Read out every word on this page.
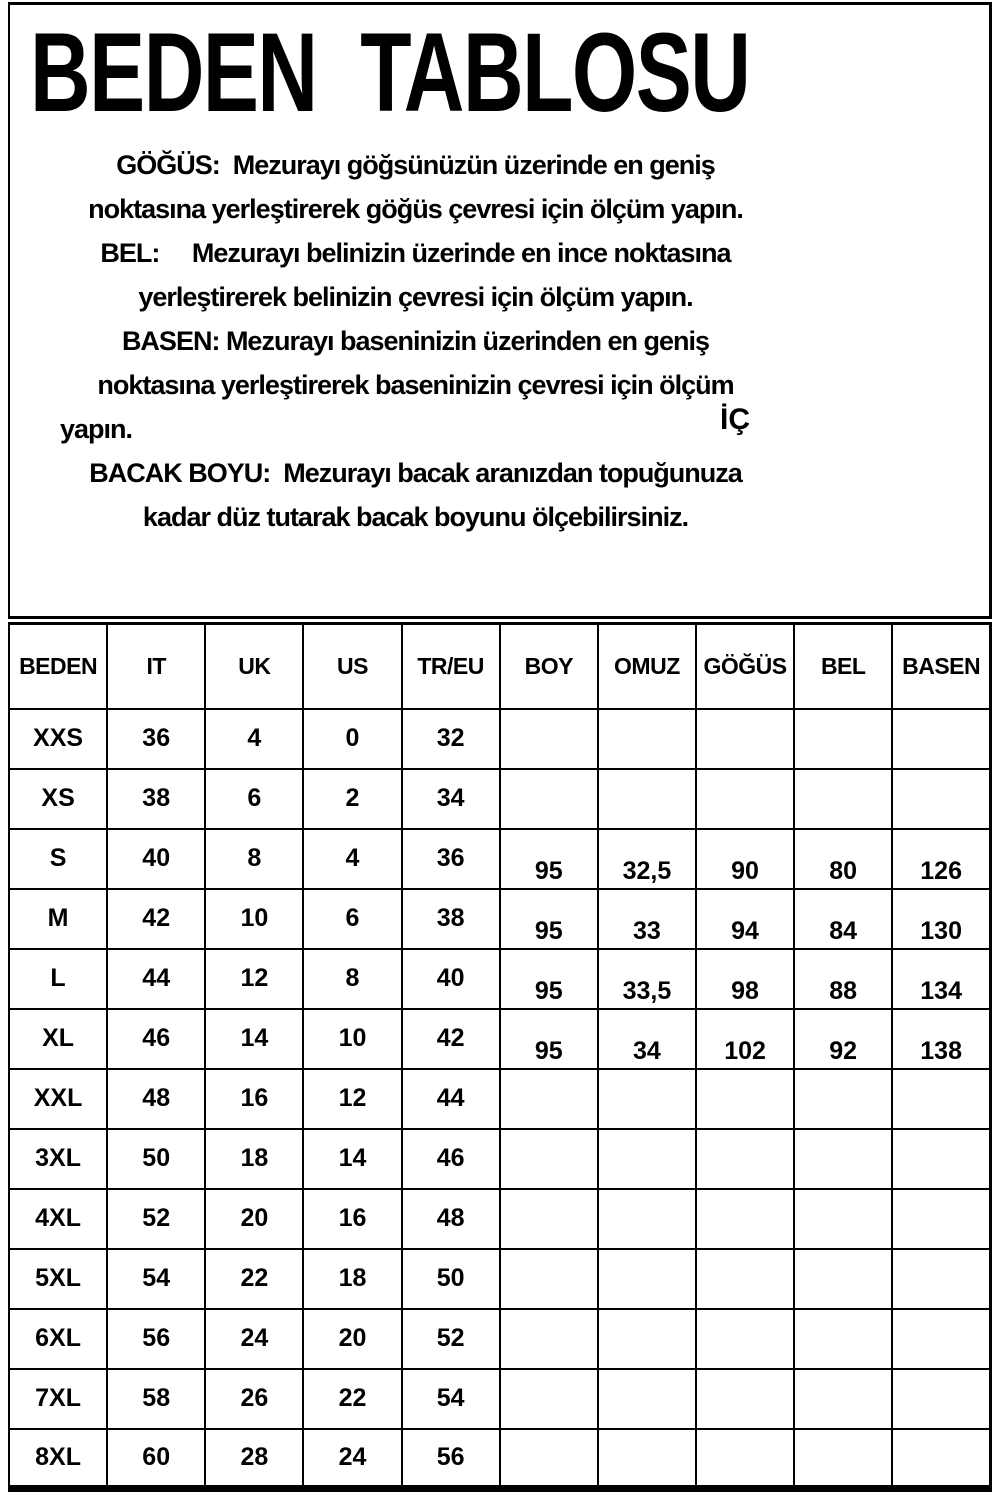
BEDEN  TABLOSU
GÖĞÜS:  Mezurayı göğsünüzün üzerinde en geniş
noktasına yerleştirerek göğüs çevresi için ölçüm yapın.
BEL:     Mezurayı belinizin üzerinde en ince noktasına
yerleştirerek belinizin çevresi için ölçüm yapın.
BASEN: Mezurayı baseninizin üzerinden en geniş
noktasına yerleştirerek baseninizin çevresi için ölçüm
yapın.
BACAK BOYU:  Mezurayı bacak aranızdan topuğunuza
kadar düz tutarak bacak boyunu ölçebilirsiniz.
İÇ
BEDEN	IT	UK	US	TR/EU	BOY	OMUZ	GÖĞÜS	BEL	BASEN
XXS	36	4	0	32					
XS	38	6	2	34					
S	40	8	4	36	95	32,5	90	80	126
M	42	10	6	38	95	33	94	84	130
L	44	12	8	40	95	33,5	98	88	134
XL	46	14	10	42	95	34	102	92	138
XXL	48	16	12	44					
3XL	50	18	14	46					
4XL	52	20	16	48					
5XL	54	22	18	50					
6XL	56	24	20	52					
7XL	58	26	22	54					
8XL	60	28	24	56					
